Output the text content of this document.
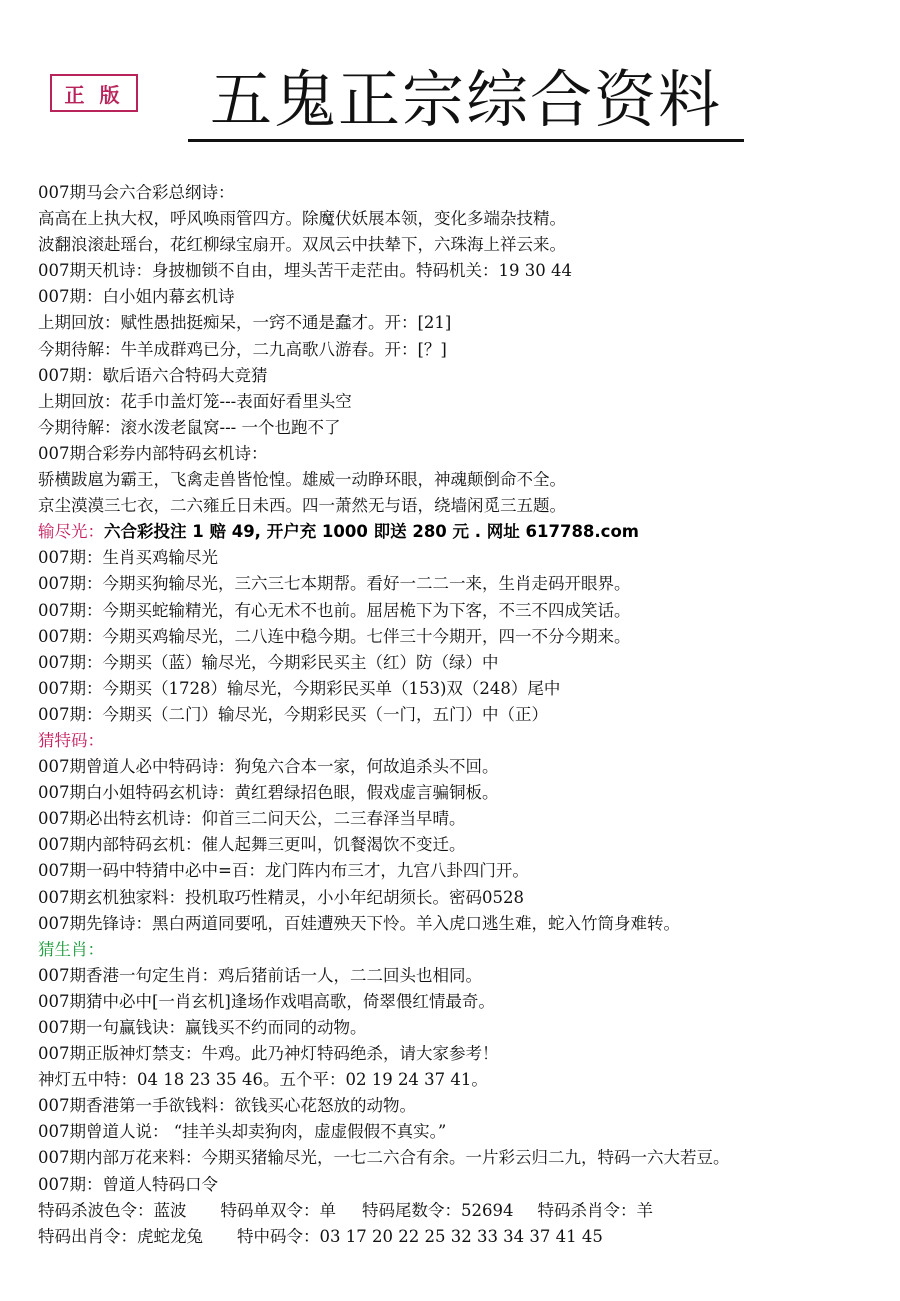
正 版	五鬼正宗综合资料
007期马会六合彩总纲诗：
高高在上执大权，呼风唤雨管四方。除魔伏妖展本领，变化多端杂技精。
波翻浪滚赴瑶台，花红柳绿宝扇开。双凤云中扶辇下，六珠海上祥云来。
007期天机诗：身披枷锁不自由，埋头苦干走茫由。特码机关：19 30 44
007期：白小姐内幕玄机诗
上期回放：赋性愚拙挺痴呆，一窍不通是蠢才。开：[21]
今期待解：牛羊成群鸡已分，二九高歌八游春。开：[？]
007期：歇后语六合特码大竞猜
上期回放：花手巾盖灯笼---表面好看里头空
今期待解：滚水泼老鼠窝--- 一个也跑不了
007期合彩券内部特码玄机诗：
骄横跋扈为霸王，飞禽走兽皆怆惶。雄威一动睁环眼，神魂颠倒命不全。
京尘漠漠三七衣，二六雍丘日未西。四一萧然无与语，绕墙闲觅三五题。
输尽光：六合彩投注 1 赔 49, 开户充 1000 即送 280 元 . 网址 617788.com
007期：生肖买鸡输尽光
007期：今期买狗输尽光，三六三七本期帮。看好一二二一来，生肖走码开眼界。
007期：今期买蛇输精光，有心无术不也前。屈居桅下为下客，不三不四成笑话。
007期：今期买鸡输尽光，二八连中稳今期。七伴三十今期开，四一不分今期来。
007期：今期买（蓝）输尽光，今期彩民买主（红）防（绿）中
007期：今期买（1728）输尽光，今期彩民买单（153)双（248）尾中
007期：今期买（二门）输尽光，今期彩民买（一门，五门）中（正）
猜特码：
007期曾道人必中特码诗：狗兔六合本一家，何故追杀头不回。
007期白小姐特码玄机诗：黄红碧绿招色眼，假戏虚言骗铜板。
007期必出特玄机诗：仰首三二问天公，二三春泽当早晴。
007期内部特码玄机：催人起舞三更叫，饥餐渴饮不变迁。
007期一码中特猜中必中=百：龙门阵内布三才，九宫八卦四门开。
007期玄机独家料：投机取巧性精灵，小小年纪胡须长。密码0528
007期先锋诗：黑白两道同要吼，百娃遭殃天下怜。羊入虎口逃生难，蛇入竹筒身难转。
猜生肖：
007期香港一句定生肖：鸡后猪前话一人，二二回头也相同。
007期猜中必中[一肖玄机]逢场作戏唱高歌，倚翠偎红情最奇。
007期一句赢钱诀：赢钱买不约而同的动物。
007期正版神灯禁支：牛鸡。此乃神灯特码绝杀，请大家参考！
神灯五中特：04 18 23 35 46。五个平：02 19 24 37 41。
007期香港第一手欲钱料：欲钱买心花怒放的动物。
007期曾道人说： “挂羊头却卖狗肉，虚虚假假不真实。”
007期内部万花来料：今期买猪输尽光，一七二六合有余。一片彩云归二九，特码一六大若豆。
007期：曾道人特码口令
特码杀波色令：蓝波 特码单双令：单 特码尾数令：52694 特码杀肖令：羊
特码出肖令：虎蛇龙兔 特中码令：03 17 20 22 25 32 33 34 37 41 45
